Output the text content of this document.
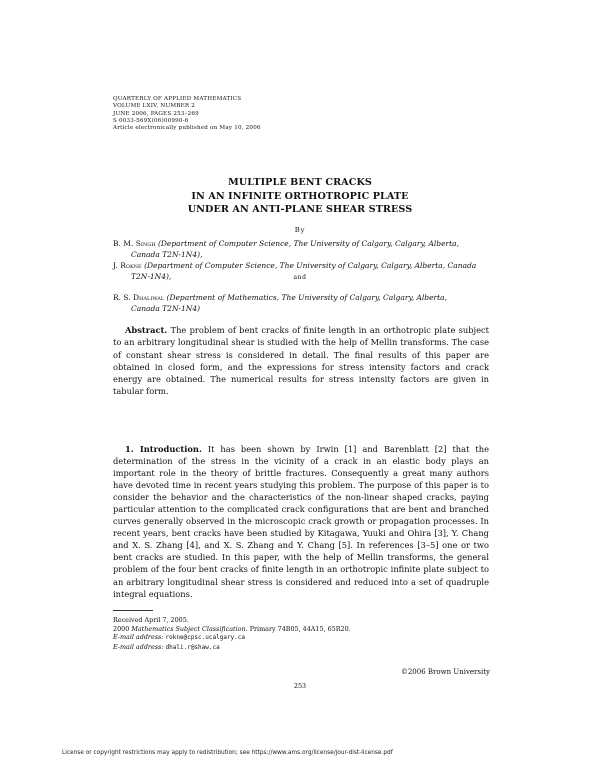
QUARTERLY OF APPLIED MATHEMATICS
VOLUME LXIV, NUMBER 2
JUNE 2006, PAGES 253–269
S 0033-569X(06)00990-6
Article electronically published on May 10, 2006
MULTIPLE BENT CRACKS
IN AN INFINITE ORTHOTROPIC PLATE
UNDER AN ANTI-PLANE SHEAR STRESS
By
B. M. Singh (Department of Computer Science, The University of Calgary, Calgary, Alberta,
Canada T2N-1N4),
J. Rokne (Department of Computer Science, The University of Calgary, Calgary, Alberta, Canada
T2N-1N4),	and
R. S. Dhaliwal (Department of Mathematics, The University of Calgary, Calgary, Alberta,
Canada T2N-1N4)
Abstract. The problem of bent cracks of finite length in an orthotropic plate subject to an arbitrary longitudinal shear is studied with the help of Mellin transforms. The case of constant shear stress is considered in detail. The final results of this paper are obtained in closed form, and the expressions for stress intensity factors and crack energy are obtained. The numerical results for stress intensity factors are given in tabular form.
1. Introduction. It has been shown by Irwin [1] and Barenblatt [2] that the determination of the stress in the vicinity of a crack in an elastic body plays an important role in the theory of brittle fractures. Consequently a great many authors have devoted time in recent years studying this problem. The purpose of this paper is to consider the behavior and the characteristics of the non-linear shaped cracks, paying particular attention to the complicated crack configurations that are bent and branched curves generally observed in the microscopic crack growth or propagation processes. In recent years, bent cracks have been studied by Kitagawa, Yuuki and Ohira [3], Y. Chang and X. S. Zhang [4], and X. S. Zhang and Y. Chang [5]. In references [3–5] one or two bent cracks are studied. In this paper, with the help of Mellin transforms, the general problem of the four bent cracks of finite length in an orthotropic infinite plate subject to an arbitrary longitudinal shear stress is considered and reduced into a set of quadruple integral equations.
Received April 7, 2005.
2000 Mathematics Subject Classification. Primary 74B05, 44A15, 65R20.
E-mail address: rokne@cpsc.ucalgary.ca
E-mail address: dhali.r@shaw.ca
©2006 Brown University
253
License or copyright restrictions may apply to redistribution; see https://www.ams.org/license/jour-dist-license.pdf
